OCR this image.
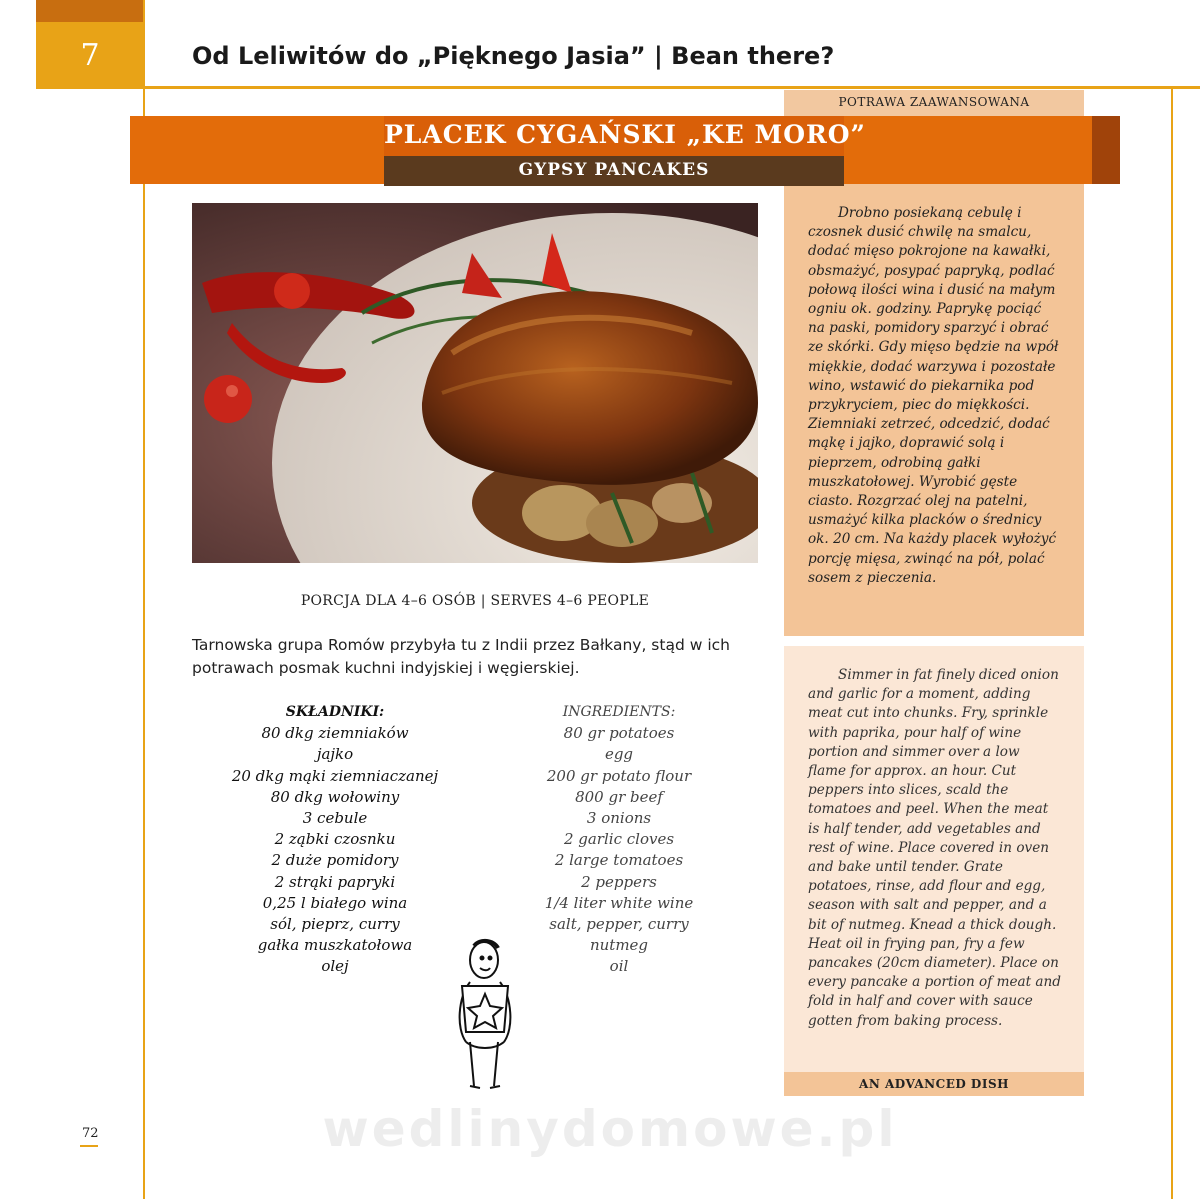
7	Od Leliwitów do „Pięknego Jasia” | Bean there?
POTRAWA ZAAWANSOWANA
Drobno posiekaną cebulę i czosnek dusić chwilę na smalcu, dodać mięso pokrojone na kawałki, obsmażyć, posypać papryką, podlać połową ilości wina i dusić na małym ogniu ok. godziny. Paprykę pociąć na paski, pomidory sparzyć i obrać ze skórki. Gdy mięso będzie na wpół miękkie, dodać warzywa i pozostałe wino, wstawić do piekarnika pod przykryciem, piec do miękkości. Ziemniaki zetrzeć, odcedzić, dodać mąkę i jajko, doprawić solą i pieprzem, odrobiną gałki muszkatołowej. Wyrobić gęste ciasto. Rozgrzać olej na patelni, usmażyć kilka placków o średnicy ok. 20 cm. Na każdy placek wyłożyć porcję mięsa, zwinąć na pół, polać sosem z pieczenia.
PLACEK CYGAŃSKI „KE MORO”
GYPSY PANCAKES
PORCJA DLA 4–6 OSÓB | SERVES 4–6 PEOPLE
Tarnowska grupa Romów przybyła tu z Indii przez Bałkany, stąd w ich potrawach posmak kuchni indyjskiej i węgierskiej.
SKŁADNIKI:
80 dkg ziemniaków
jajko
20 dkg mąki ziemniaczanej
80 dkg wołowiny
3 cebule
2 ząbki czosnku
2 duże pomidory
2 strąki papryki
0,25 l białego wina
sól, pieprz, curry
gałka muszkatołowa
olej
INGREDIENTS:
80 gr potatoes
egg
200 gr potato flour
800 gr beef
3 onions
2 garlic cloves
2 large tomatoes
2 peppers
1/4 liter white wine
salt, pepper, curry
nutmeg
oil
Simmer in fat finely diced onion and garlic for a moment, adding meat cut into chunks. Fry, sprinkle with paprika, pour half of wine portion and simmer over a low flame for approx. an hour. Cut peppers into slices, scald the tomatoes and peel. When the meat is half tender, add vegetables and rest of wine. Place covered in oven and bake until tender. Grate potatoes, rinse, add flour and egg, season with salt and pepper, and a bit of nutmeg. Knead a thick dough. Heat oil in frying pan, fry a few pancakes (20cm diameter). Place on every pancake a portion of meat and fold in half and cover with sauce gotten from baking process.
AN ADVANCED DISH
wedlinydomowe.pl
72
